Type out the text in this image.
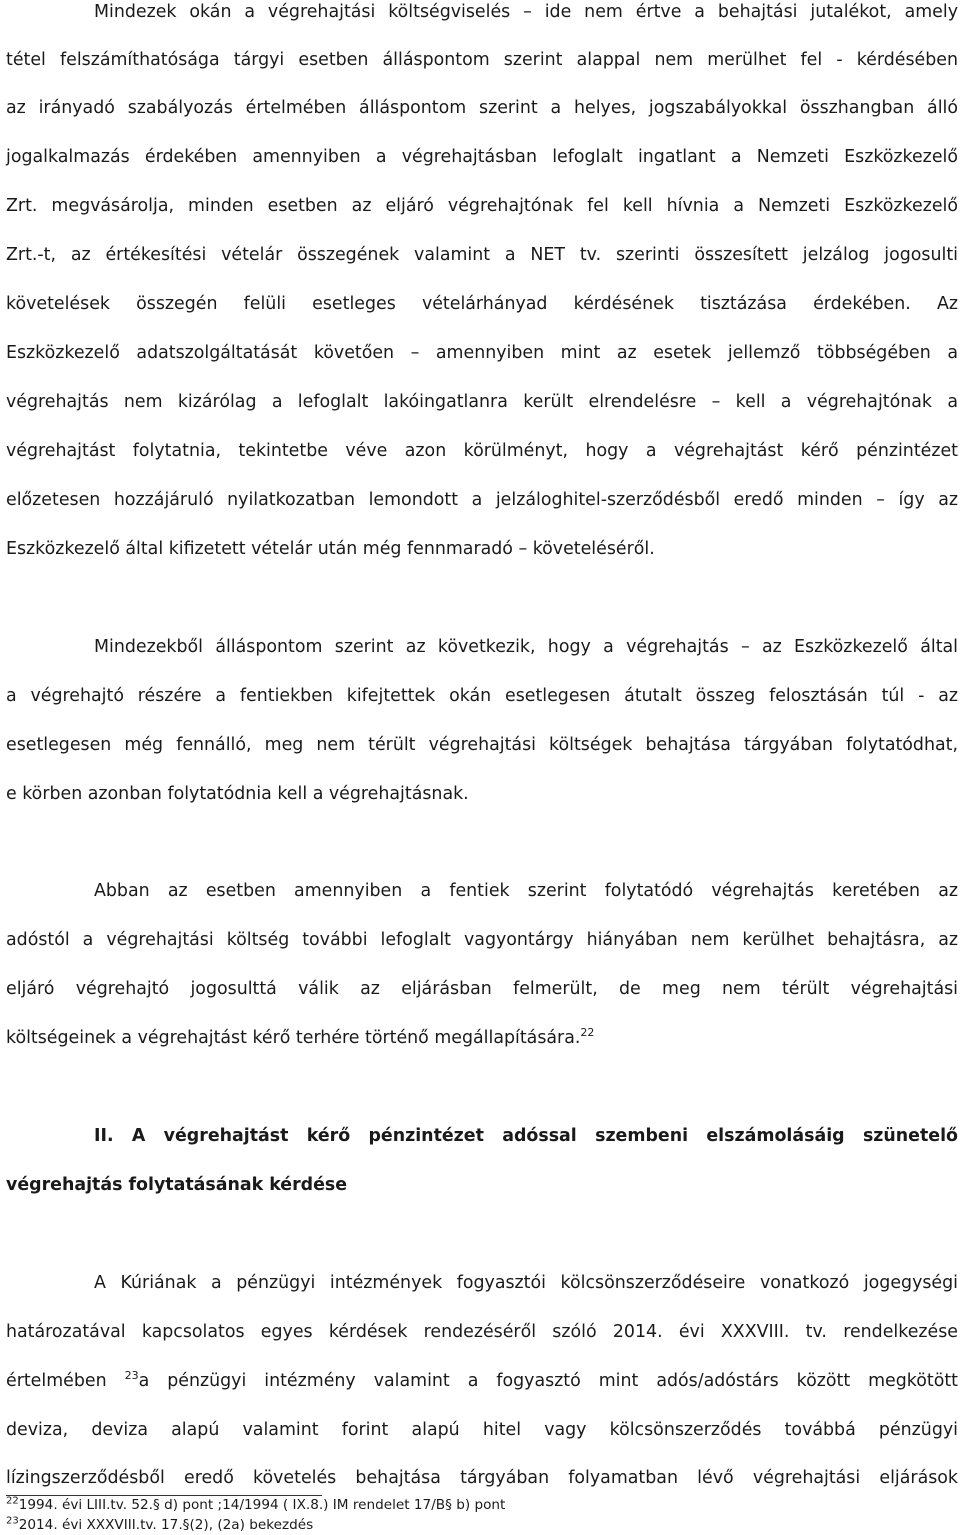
Mindezek okán a végrehajtási költségviselés – ide nem értve a behajtási jutalékot, amely
tétel felszámíthatósága tárgyi esetben álláspontom szerint alappal nem merülhet fel - kérdésében
az irányadó szabályozás értelmében álláspontom szerint a helyes, jogszabályokkal összhangban álló
jogalkalmazás érdekében amennyiben a végrehajtásban lefoglalt ingatlant a Nemzeti Eszközkezelő
Zrt. megvásárolja, minden esetben az eljáró végrehajtónak fel kell hívnia a Nemzeti Eszközkezelő
Zrt.-t, az értékesítési vételár összegének valamint a NET tv. szerinti összesített jelzálog jogosulti
követelések összegén felüli esetleges vételárhányad kérdésének tisztázása érdekében. Az
Eszközkezelő adatszolgáltatását követően – amennyiben mint az esetek jellemző többségében a
végrehajtás nem kizárólag a lefoglalt lakóingatlanra került elrendelésre – kell a végrehajtónak a
végrehajtást folytatnia, tekintetbe véve azon körülményt, hogy a végrehajtást kérő pénzintézet
előzetesen hozzájáruló nyilatkozatban lemondott a jelzáloghitel-szerződésből eredő minden – így az
Eszközkezelő által kifizetett vételár után még fennmaradó – követeléséről.
Mindezekből álláspontom szerint az következik, hogy a végrehajtás – az Eszközkezelő által
a végrehajtó részére a fentiekben kifejtettek okán esetlegesen átutalt összeg felosztásán túl - az
esetlegesen még fennálló, meg nem térült végrehajtási költségek behajtása tárgyában folytatódhat,
e körben azonban folytatódnia kell a végrehajtásnak.
Abban az esetben amennyiben a fentiek szerint folytatódó végrehajtás keretében az
adóstól a végrehajtási költség további lefoglalt vagyontárgy hiányában nem kerülhet behajtásra, az
eljáró végrehajtó jogosulttá válik az eljárásban felmerült, de meg nem térült végrehajtási
költségeinek a végrehajtást kérő terhére történő megállapítására.$^{22}$
II. A végrehajtást kérő pénzintézet adóssal szembeni elszámolásáig szünetelő
végrehajtás folytatásának kérdése
A Kúriának a pénzügyi intézmények fogyasztói kölcsönszerződéseire vonatkozó jogegységi
határozatával kapcsolatos egyes kérdések rendezéséről szóló 2014. évi XXXVIII. tv. rendelkezése
értelmében $^{23}$a pénzügyi intézmény valamint a fogyasztó mint adós/adóstárs között megkötött
deviza, deviza alapú valamint forint alapú hitel vagy kölcsönszerződés továbbá pénzügyi
lízingszerződésből eredő követelés behajtása tárgyában folyamatban lévő végrehajtási eljárások
$^{22}$1994. évi LIII.tv. 52.§ d) pont ;14/1994 ( IX.8.) IM rendelet 17/B§ b) pont
$^{23}$2014. évi XXXVIII.tv. 17.§(2), (2a) bekezdés
